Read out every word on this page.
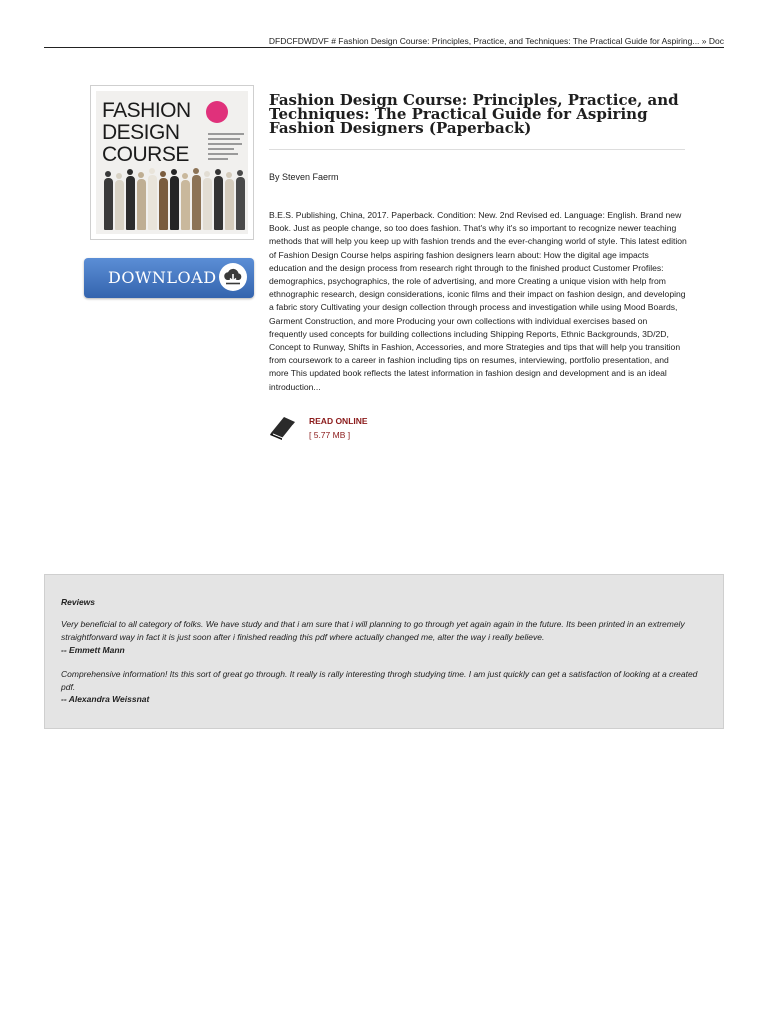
DFDCFDWDVF # Fashion Design Course: Principles, Practice, and Techniques: The Practical Guide for Aspiring... » Doc
FASHION
DESIGN
COURSE
DOWNLOAD
Fashion Design Course: Principles, Practice, and Techniques: The Practical Guide for Aspiring Fashion Designers (Paperback)
By Steven Faerm

B.E.S. Publishing, China, 2017. Paperback. Condition: New. 2nd Revised ed. Language: English. Brand new Book. Just as people change, so too does fashion. That's why it's so important to recognize newer teaching methods that will help you keep up with fashion trends and the ever-changing world of style. This latest edition of Fashion Design Course helps aspiring fashion designers learn about: How the digital age impacts education and the design process from research right through to the finished product Customer Profiles: demographics, psychographics, the role of advertising, and more Creating a unique vision with help from ethnographic research, design considerations, iconic films and their impact on fashion design, and developing a fabric story Cultivating your design collection through process and investigation while using Mood Boards, Garment Construction, and more Producing your own collections with individual exercises based on frequently used concepts for building collections including Shipping Reports, Ethnic Backgrounds, 3D/2D, Concept to Runway, Shifts in Fashion, Accessories, and more Strategies and tips that will help you transition from coursework to a career in fashion including tips on resumes, interviewing, portfolio presentation, and more This updated book reflects the latest information in fashion design and development and is an ideal introduction...

READ ONLINE
[ 5.77 MB ]
Reviews

Very beneficial to all category of folks. We have study and that i am sure that i will planning to go through yet again again in the future. Its been printed in an extremely straightforward way in fact it is just soon after i finished reading this pdf where actually changed me, alter the way i really believe.

-- Emmett Mann

Comprehensive information! Its this sort of great go through. It really is rally interesting throgh studying time. I am just quickly can get a satisfaction of looking at a created pdf.

-- Alexandra Weissnat
